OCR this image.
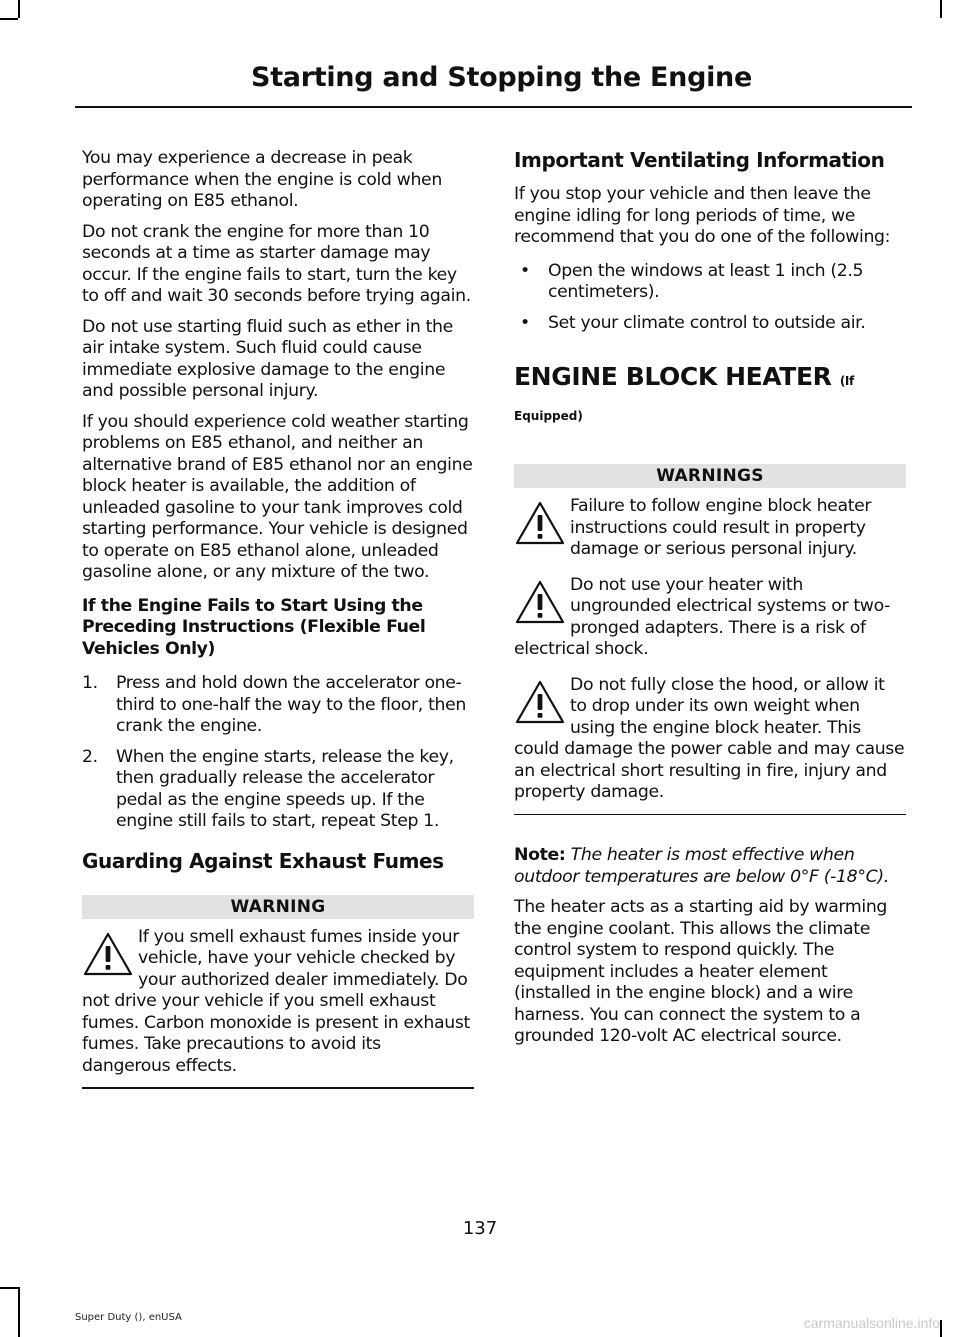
Starting and Stopping the Engine

You may experience a decrease in peak performance when the engine is cold when operating on E85 ethanol.

Do not crank the engine for more than 10 seconds at a time as starter damage may occur. If the engine fails to start, turn the key to off and wait 30 seconds before trying again.

Do not use starting fluid such as ether in the air intake system. Such fluid could cause immediate explosive damage to the engine and possible personal injury.

If you should experience cold weather starting problems on E85 ethanol, and neither an alternative brand of E85 ethanol nor an engine block heater is available, the addition of unleaded gasoline to your tank improves cold starting performance. Your vehicle is designed to operate on E85 ethanol alone, unleaded gasoline alone, or any mixture of the two.

If the Engine Fails to Start Using the Preceding Instructions (Flexible Fuel Vehicles Only)
1. Press and hold down the accelerator one-third to one-half the way to the floor, then crank the engine.
2. When the engine starts, release the key, then gradually release the accelerator pedal as the engine speeds up. If the engine still fails to start, repeat Step 1.
Guarding Against Exhaust Fumes
WARNING
If you smell exhaust fumes inside your vehicle, have your vehicle checked by your authorized dealer immediately. Do not drive your vehicle if you smell exhaust fumes. Carbon monoxide is present in exhaust fumes. Take precautions to avoid its dangerous effects.
Important Ventilating Information

If you stop your vehicle and then leave the engine idling for long periods of time, we recommend that you do one of the following:

• Open the windows at least 1 inch (2.5 centimeters).
• Set your climate control to outside air.
ENGINE BLOCK HEATER (If
Equipped)
WARNINGS
Failure to follow engine block heater instructions could result in property damage or serious personal injury.
Do not use your heater with ungrounded electrical systems or two-pronged adapters. There is a risk of electrical shock.
Do not fully close the hood, or allow it to drop under its own weight when using the engine block heater. This could damage the power cable and may cause an electrical short resulting in fire, injury and property damage.

Note: The heater is most effective when outdoor temperatures are below 0°F (-18°C).

The heater acts as a starting aid by warming the engine coolant. This allows the climate control system to respond quickly. The equipment includes a heater element (installed in the engine block) and a wire harness. You can connect the system to a grounded 120-volt AC electrical source.

137
Super Duty (), enUSA	carmanualsonline.info
